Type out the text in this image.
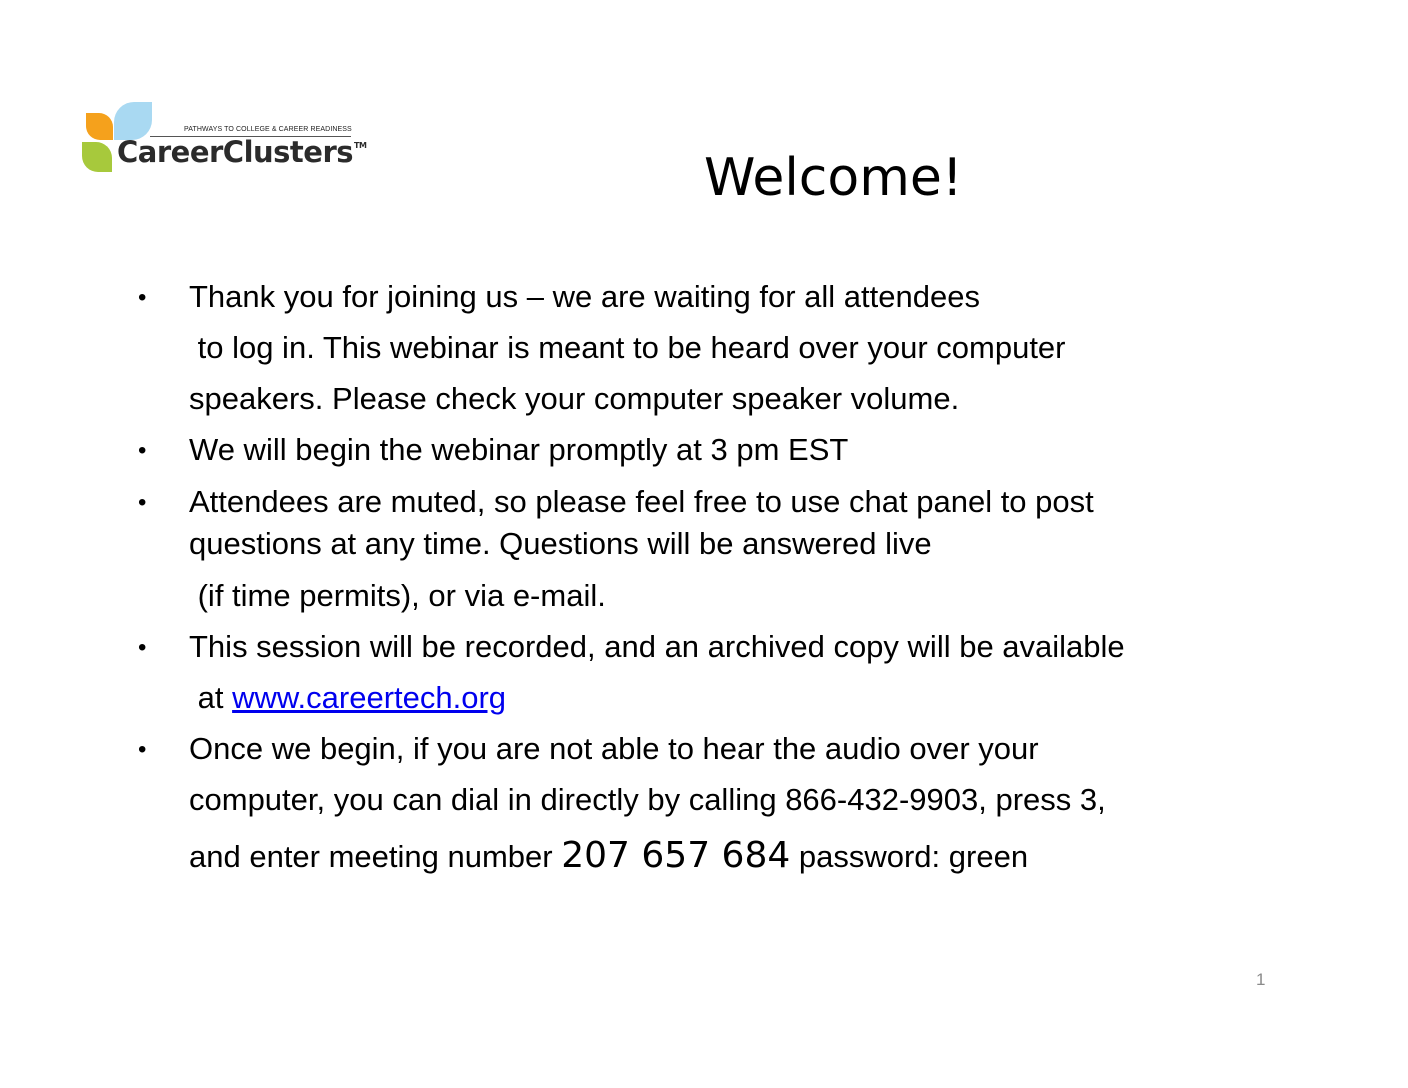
PATHWAYS TO COLLEGE & CAREER READINESS
CareerClusters™
Welcome!
• Thank you for joining us – we are waiting for all attendees
to log in. This webinar is meant to be heard over your computer
speakers. Please check your computer speaker volume.
• We will begin the webinar promptly at 3 pm EST
• Attendees are muted, so please feel free to use chat panel to post
questions at any time. Questions will be answered live
(if time permits), or via e-mail.
• This session will be recorded, and an archived copy will be available
at www.careertech.org
• Once we begin, if you are not able to hear the audio over your
computer, you can dial in directly by calling 866-432-9903, press 3,
and enter meeting number 207 657 684 password: green
1
